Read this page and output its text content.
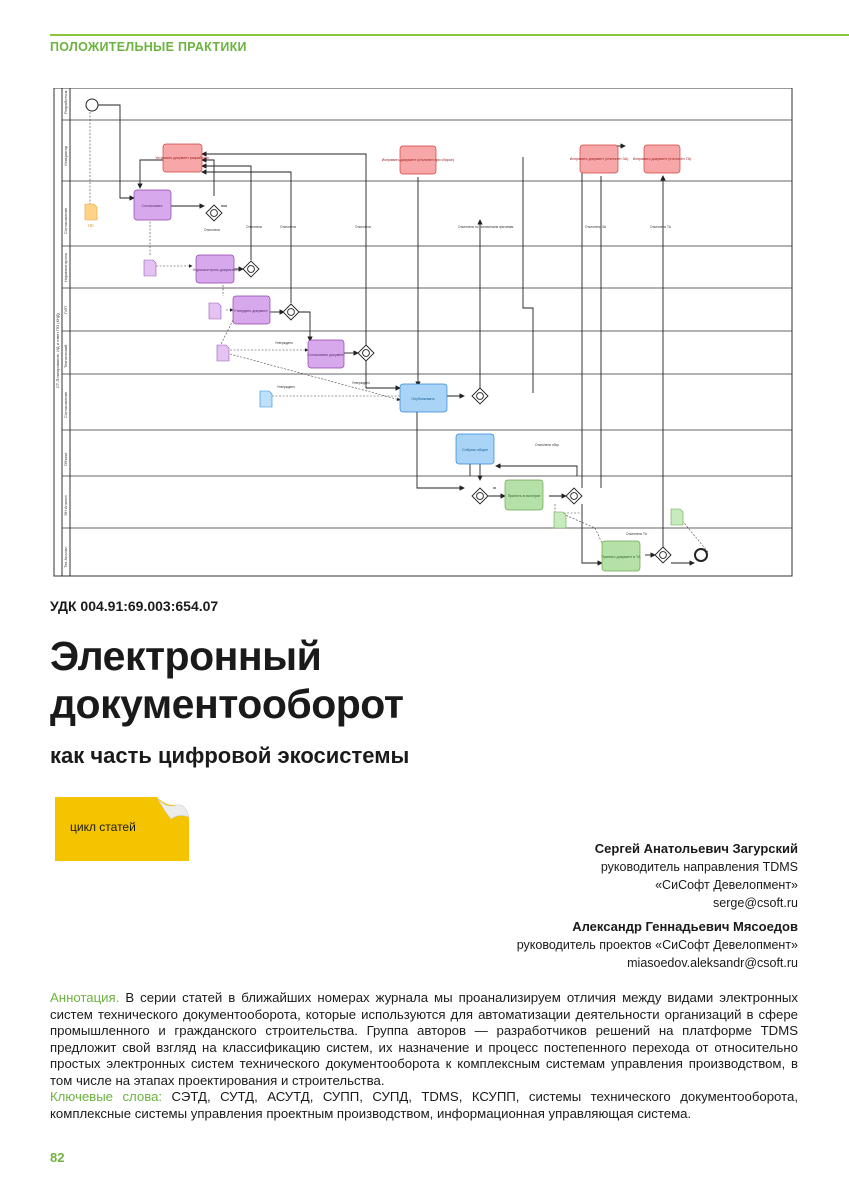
ПОЛОЖИТЕЛЬНЫЕ ПРАКТИКИ
СТ-Планирование, ИД и ответ ПО (КНД)
Разработчик
Инициатор
Согласование
Нормоконтроль
ГИП
Технический
Согласование
Объект
ЭН Аналил
Тех Аналил
ПП
Устранить документ разработки	Исправить документ (отклонен при сборке)	Исправить документ (отклонен ЗА) Исправить документ (отклонен ТА)
Согласовать
Нормоконтроль документа
Утвердить документ
Согласовать документ
Опубликовать
Собрать общее
Принять в эксплуат
Принять документ в ТА
Отклонено
Отклонено	Отклонено	Отклонено
Утверждено
Утверждено
Утверждено
Отклонено по техническим причинам	Отклонено ЗА	Отклонено ТА
Отклонено ТА
Отклонено сбор
УДК 004.91:69.003:654.07
Электронный
документооборот
как часть цифровой экосистемы
цикл статей
Сергей Анатольевич Загурский
руководитель направления TDMS
«СиСофт Девелопмент»
serge@csoft.ru
Александр Геннадьевич Мясоедов
руководитель проектов «СиСофт Девелопмент»
miasoedov.aleksandr@csoft.ru

Аннотация. В серии статей в ближайших номерах журнала мы проанализируем отличия между видами электронных систем технического документооборота, которые используются для автоматизации деятельности организаций в сфере промышленного и гражданского строительства. Группа авторов — разработчиков решений на платформе TDMS предложит свой взгляд на классификацию систем, их назначение и процесс постепенного перехода от относительно простых электронных систем технического документооборота к комплексным системам управления производством, в том числе на этапах проектирования и строительства.
Ключевые слова: СЭТД, СУТД, АСУТД, СУПП, СУПД, TDMS, КСУПП, системы технического документооборота, комплексные системы управления проектным производством, информационная управляющая система.

82
